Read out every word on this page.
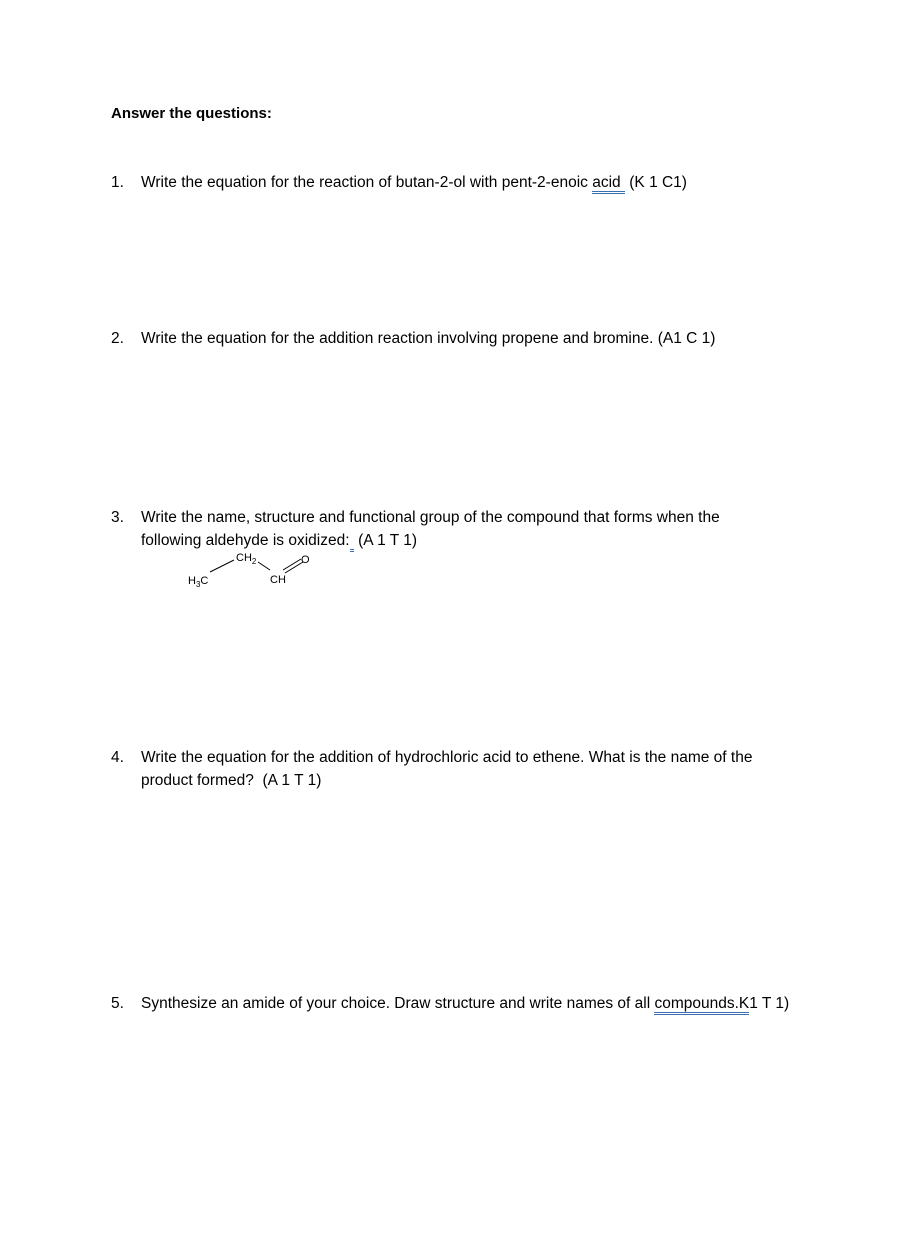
Answer the questions:
1. Write the equation for the reaction of butan-2-ol with pent-2-enoic acid  (K 1 C1)
2. Write the equation for the addition reaction involving propene and bromine. (A1 C 1)
3. Write the name, structure and functional group of the compound that forms when the
following aldehyde is oxidized:  (A 1 T 1)
$H_3C$
$CH_2$
CH
O
4. Write the equation for the addition of hydrochloric acid to ethene. What is the name of the
product formed?  (A 1 T 1)
5. Synthesize an amide of your choice. Draw structure and write names of all compounds.K1 T 1)
